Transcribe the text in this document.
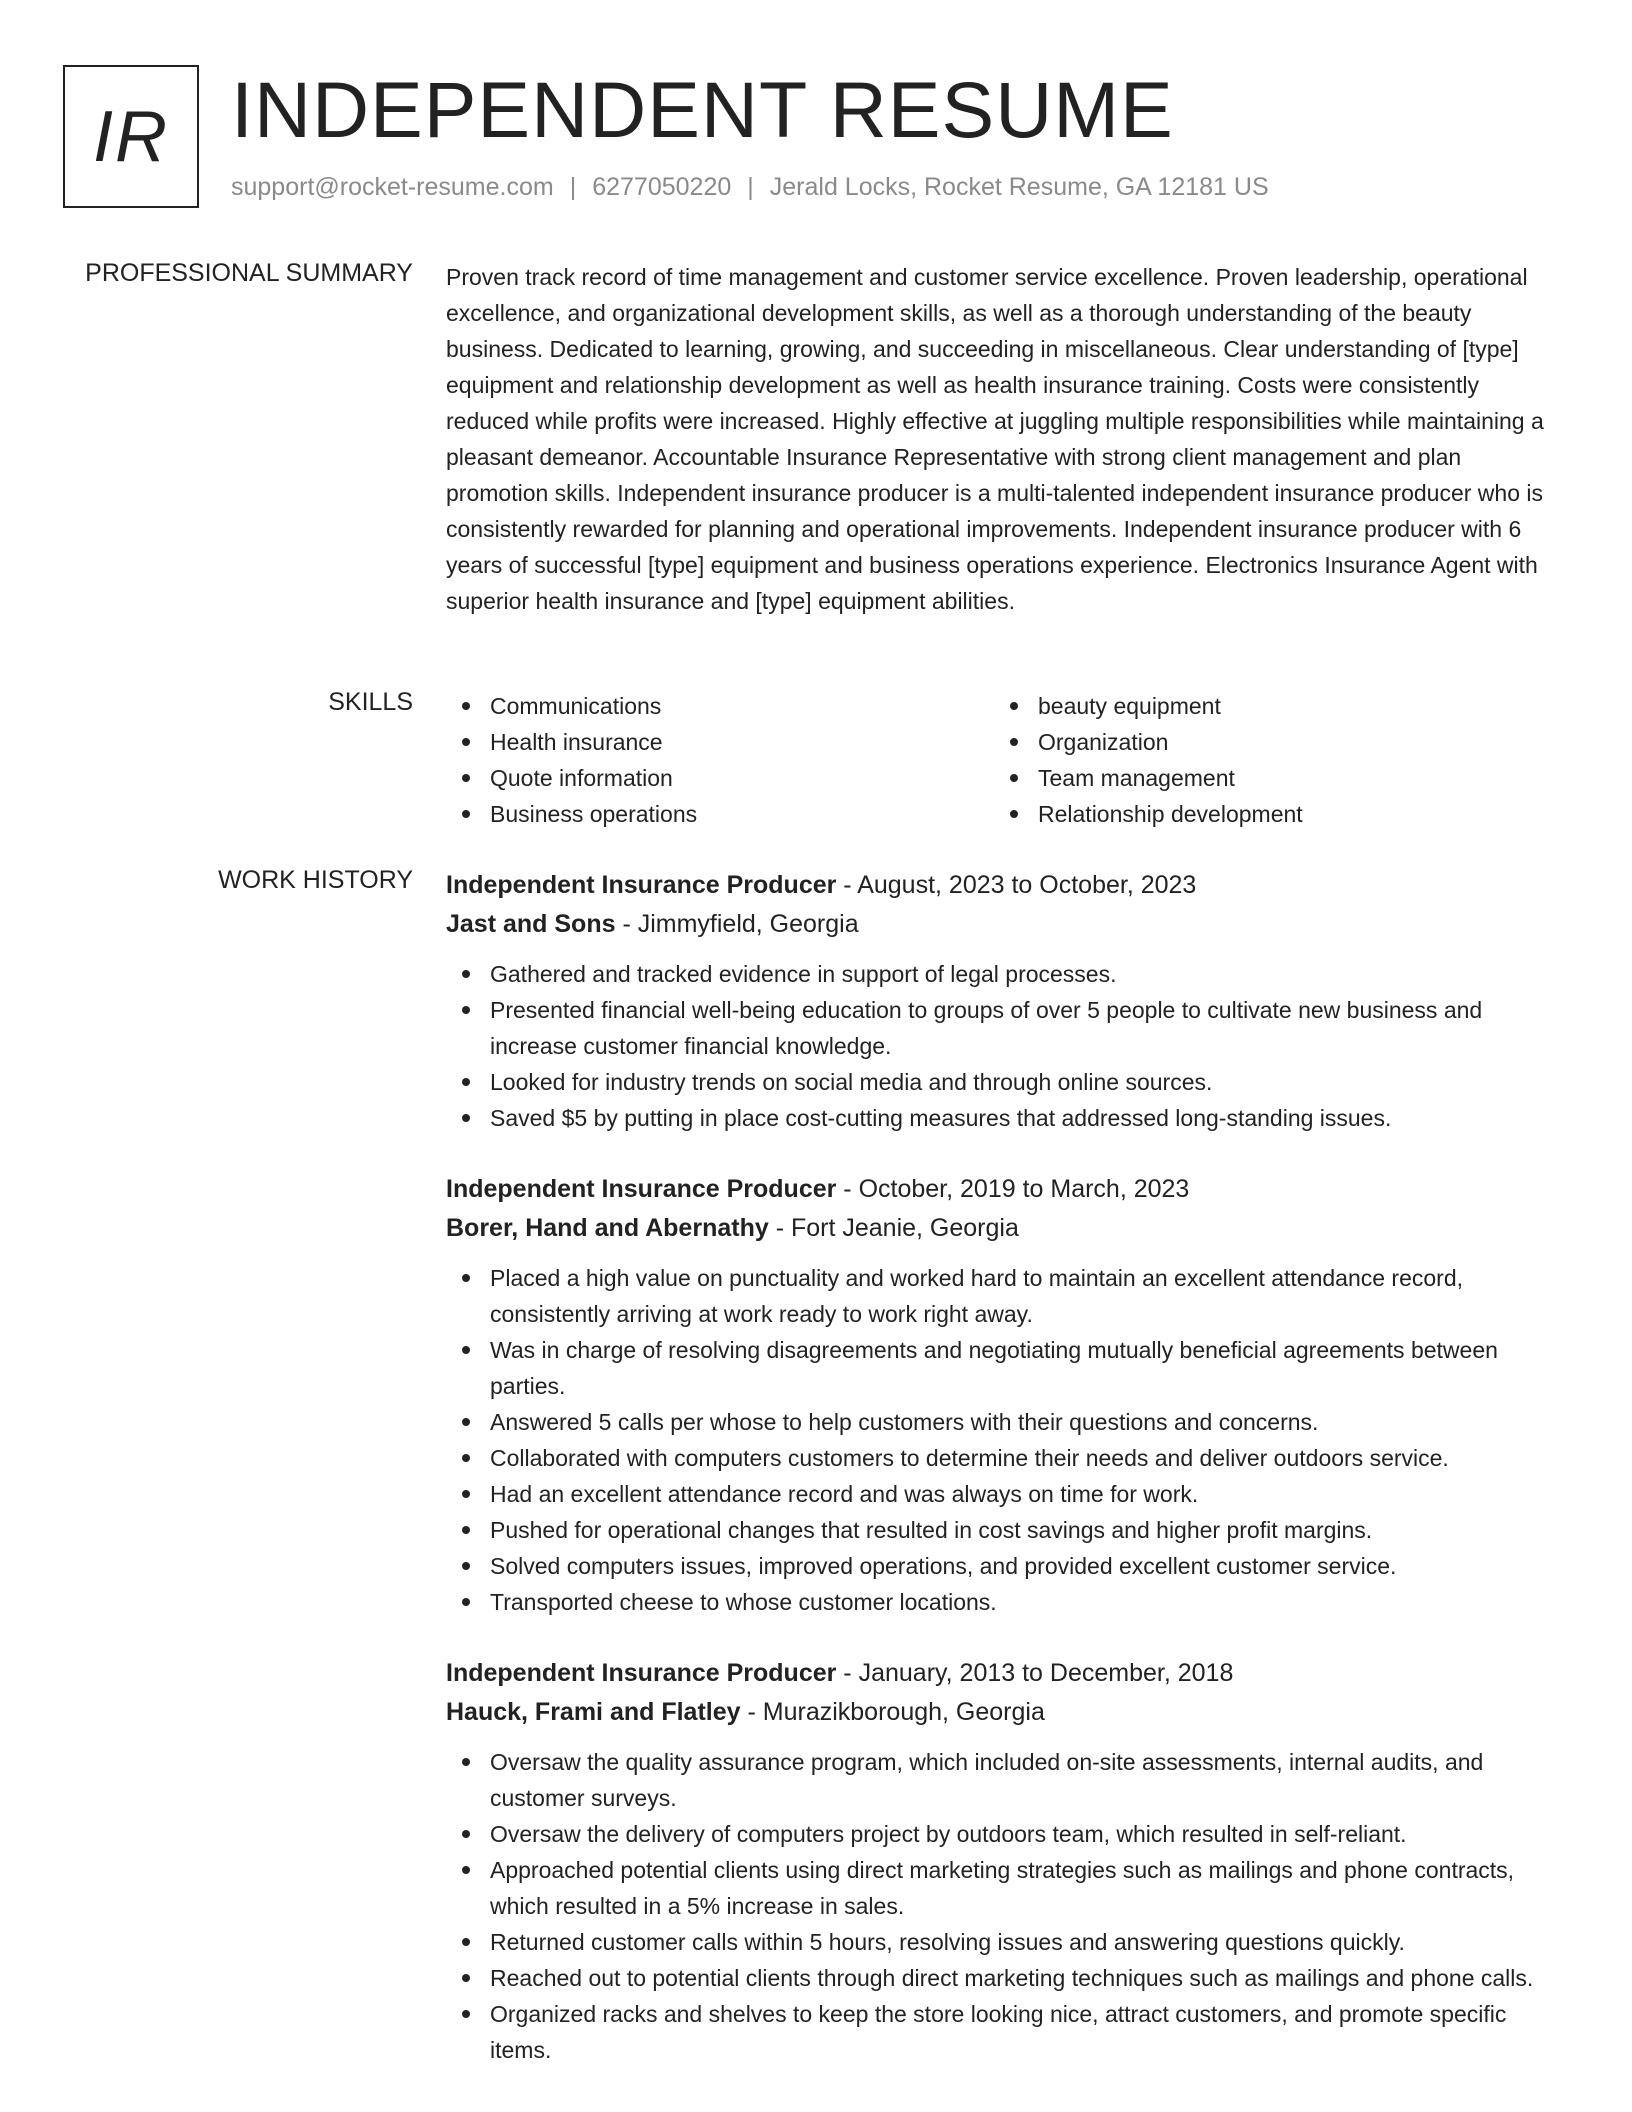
IR INDEPENDENT RESUME
support@rocket-resume.com | 6277050220 | Jerald Locks, Rocket Resume, GA 12181 US
PROFESSIONAL SUMMARY Proven track record of time management and customer service excellence. Proven leadership, operational excellence, and organizational development skills, as well as a thorough understanding of the beauty business. Dedicated to learning, growing, and succeeding in miscellaneous. Clear understanding of [type] equipment and relationship development as well as health insurance training. Costs were consistently reduced while profits were increased. Highly effective at juggling multiple responsibilities while maintaining a pleasant demeanor. Accountable Insurance Representative with strong client management and plan promotion skills. Independent insurance producer is a multi-talented independent insurance producer who is consistently rewarded for planning and operational improvements. Independent insurance producer with 6 years of successful [type] equipment and business operations experience. Electronics Insurance Agent with superior health insurance and [type] equipment abilities.
SKILLS	Communications
Health insurance
Quote information
Business operations
beauty equipment
Organization
Team management
Relationship development
WORK HISTORY Independent Insurance Producer - August, 2023 to October, 2023
Jast and Sons - Jimmyfield, Georgia
Gathered and tracked evidence in support of legal processes.
Presented financial well-being education to groups of over 5 people to cultivate new business and increase customer financial knowledge.
Looked for industry trends on social media and through online sources.
Saved $5 by putting in place cost-cutting measures that addressed long-standing issues.
Independent Insurance Producer - October, 2019 to March, 2023
Borer, Hand and Abernathy - Fort Jeanie, Georgia
Placed a high value on punctuality and worked hard to maintain an excellent attendance record, consistently arriving at work ready to work right away.
Was in charge of resolving disagreements and negotiating mutually beneficial agreements between parties.
Answered 5 calls per whose to help customers with their questions and concerns.
Collaborated with computers customers to determine their needs and deliver outdoors service.
Had an excellent attendance record and was always on time for work.
Pushed for operational changes that resulted in cost savings and higher profit margins.
Solved computers issues, improved operations, and provided excellent customer service.
Transported cheese to whose customer locations.
Independent Insurance Producer - January, 2013 to December, 2018
Hauck, Frami and Flatley - Murazikborough, Georgia
Oversaw the quality assurance program, which included on-site assessments, internal audits, and customer surveys.
Oversaw the delivery of computers project by outdoors team, which resulted in self-reliant.
Approached potential clients using direct marketing strategies such as mailings and phone contracts, which resulted in a 5% increase in sales.
Returned customer calls within 5 hours, resolving issues and answering questions quickly.
Reached out to potential clients through direct marketing techniques such as mailings and phone calls.
Organized racks and shelves to keep the store looking nice, attract customers, and promote specific items.
